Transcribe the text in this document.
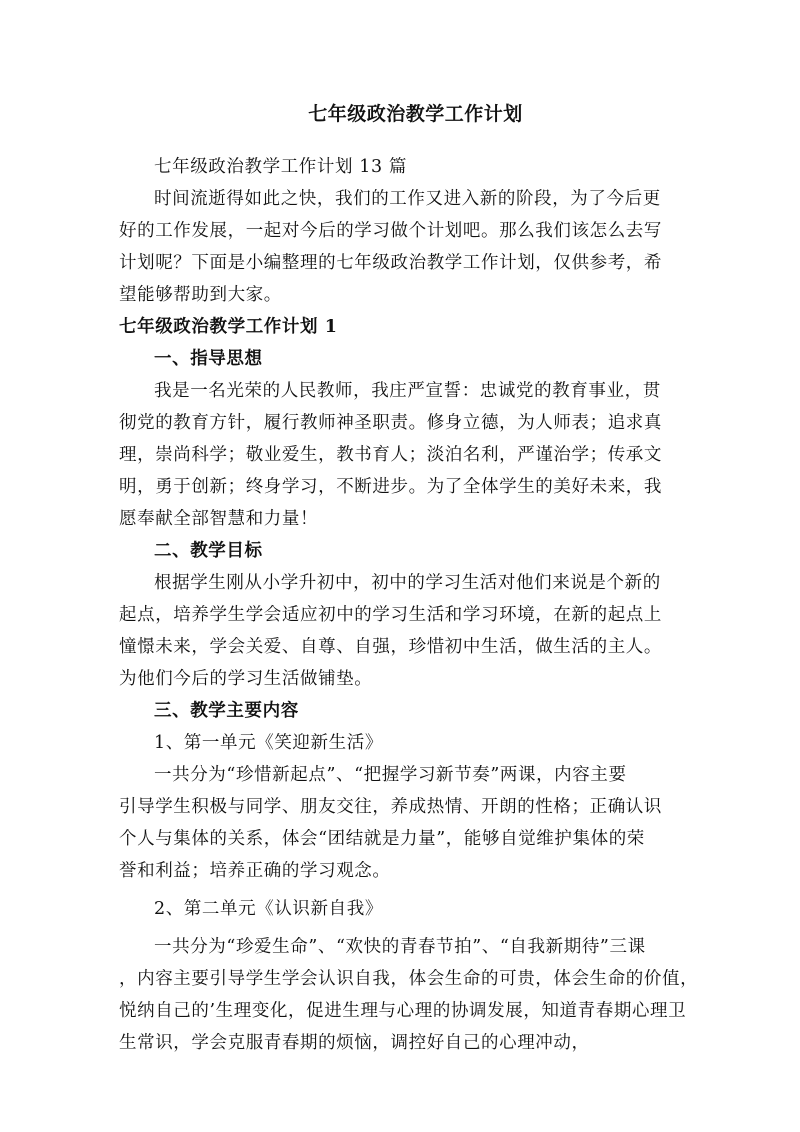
七年级政治教学工作计划

七年级政治教学工作计划 13 篇

时间流逝得如此之快，我们的工作又进入新的阶段，为了今后更

好的工作发展，一起对今后的学习做个计划吧。那么我们该怎么去写

计划呢？下面是小编整理的七年级政治教学工作计划，仅供参考，希

望能够帮助到大家。

七年级政治教学工作计划 1

一、指导思想

我是一名光荣的人民教师，我庄严宣誓：忠诚党的教育事业，贯

彻党的教育方针，履行教师神圣职责。修身立德，为人师表；追求真

理，崇尚科学；敬业爱生，教书育人；淡泊名利，严谨治学；传承文

明，勇于创新；终身学习，不断进步。为了全体学生的美好未来，我

愿奉献全部智慧和力量！

二、教学目标

根据学生刚从小学升初中，初中的学习生活对他们来说是个新的

起点，培养学生学会适应初中的学习生活和学习环境，在新的起点上

憧憬未来，学会关爱、自尊、自强，珍惜初中生活，做生活的主人。

为他们今后的学习生活做铺垫。

三、教学主要内容

1、第一单元《笑迎新生活》

一共分为“珍惜新起点”、“把握学习新节奏”两课，内容主要

引导学生积极与同学、朋友交往，养成热情、开朗的性格；正确认识

个人与集体的关系，体会“团结就是力量”，能够自觉维护集体的荣

誉和利益；培养正确的学习观念。

2、第二单元《认识新自我》

一共分为“珍爱生命”、“欢快的青春节拍”、“自我新期待”三课

，内容主要引导学生学会认识自我，体会生命的可贵，体会生命的价值，

悦纳自己的’生理变化，促进生理与心理的协调发展，知道青春期心理卫

生常识，学会克服青春期的烦恼，调控好自己的心理冲动，
